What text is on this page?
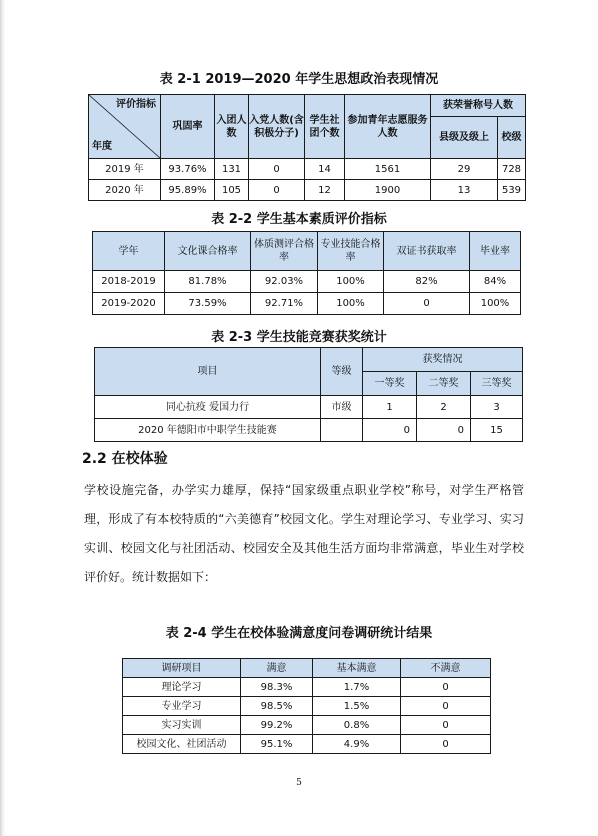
表 2-1 2019—2020 年学生思想政治表现情况
评价指标
年度	巩固率	入团人数	入党人数(含积极分子)	学生社团个数	参加青年志愿服务人数	获荣誉称号人数	
						县级及级上	校级
2019 年	93.76%	131	0	14	1561	29	728
2020 年	95.89%	105	0	12	1900	13	539
表 2-2 学生基本素质评价指标
学年	文化课合格率	体质测评合格率	专业技能合格率	双证书获取率	毕业率
2018-2019	81.78%	92.03%	100%	82%	84%
2019-2020	73.59%	92.71%	100%	0	100%
表 2-3 学生技能竞赛获奖统计
项目	等级	获奖情况		
		一等奖	二等奖	三等奖
同心抗疫 爱国力行	市级	1	2	3
2020 年德阳市中职学生技能赛		0	0	15
2.2 在校体验

学校设施完备，办学实力雄厚，保持“国家级重点职业学校”称号，对学生严格管理，形成了有本校特质的“六美德育”校园文化。学生对理论学习、专业学习、实习实训、校园文化与社团活动、校园安全及其他生活方面均非常满意，毕业生对学校评价好。统计数据如下：

表 2-4 学生在校体验满意度问卷调研统计结果
调研项目	满意	基本满意	不满意
理论学习	98.3%	1.7%	0
专业学习	98.5%	1.5%	0
实习实训	99.2%	0.8%	0
校园文化、社团活动	95.1%	4.9%	0
5
